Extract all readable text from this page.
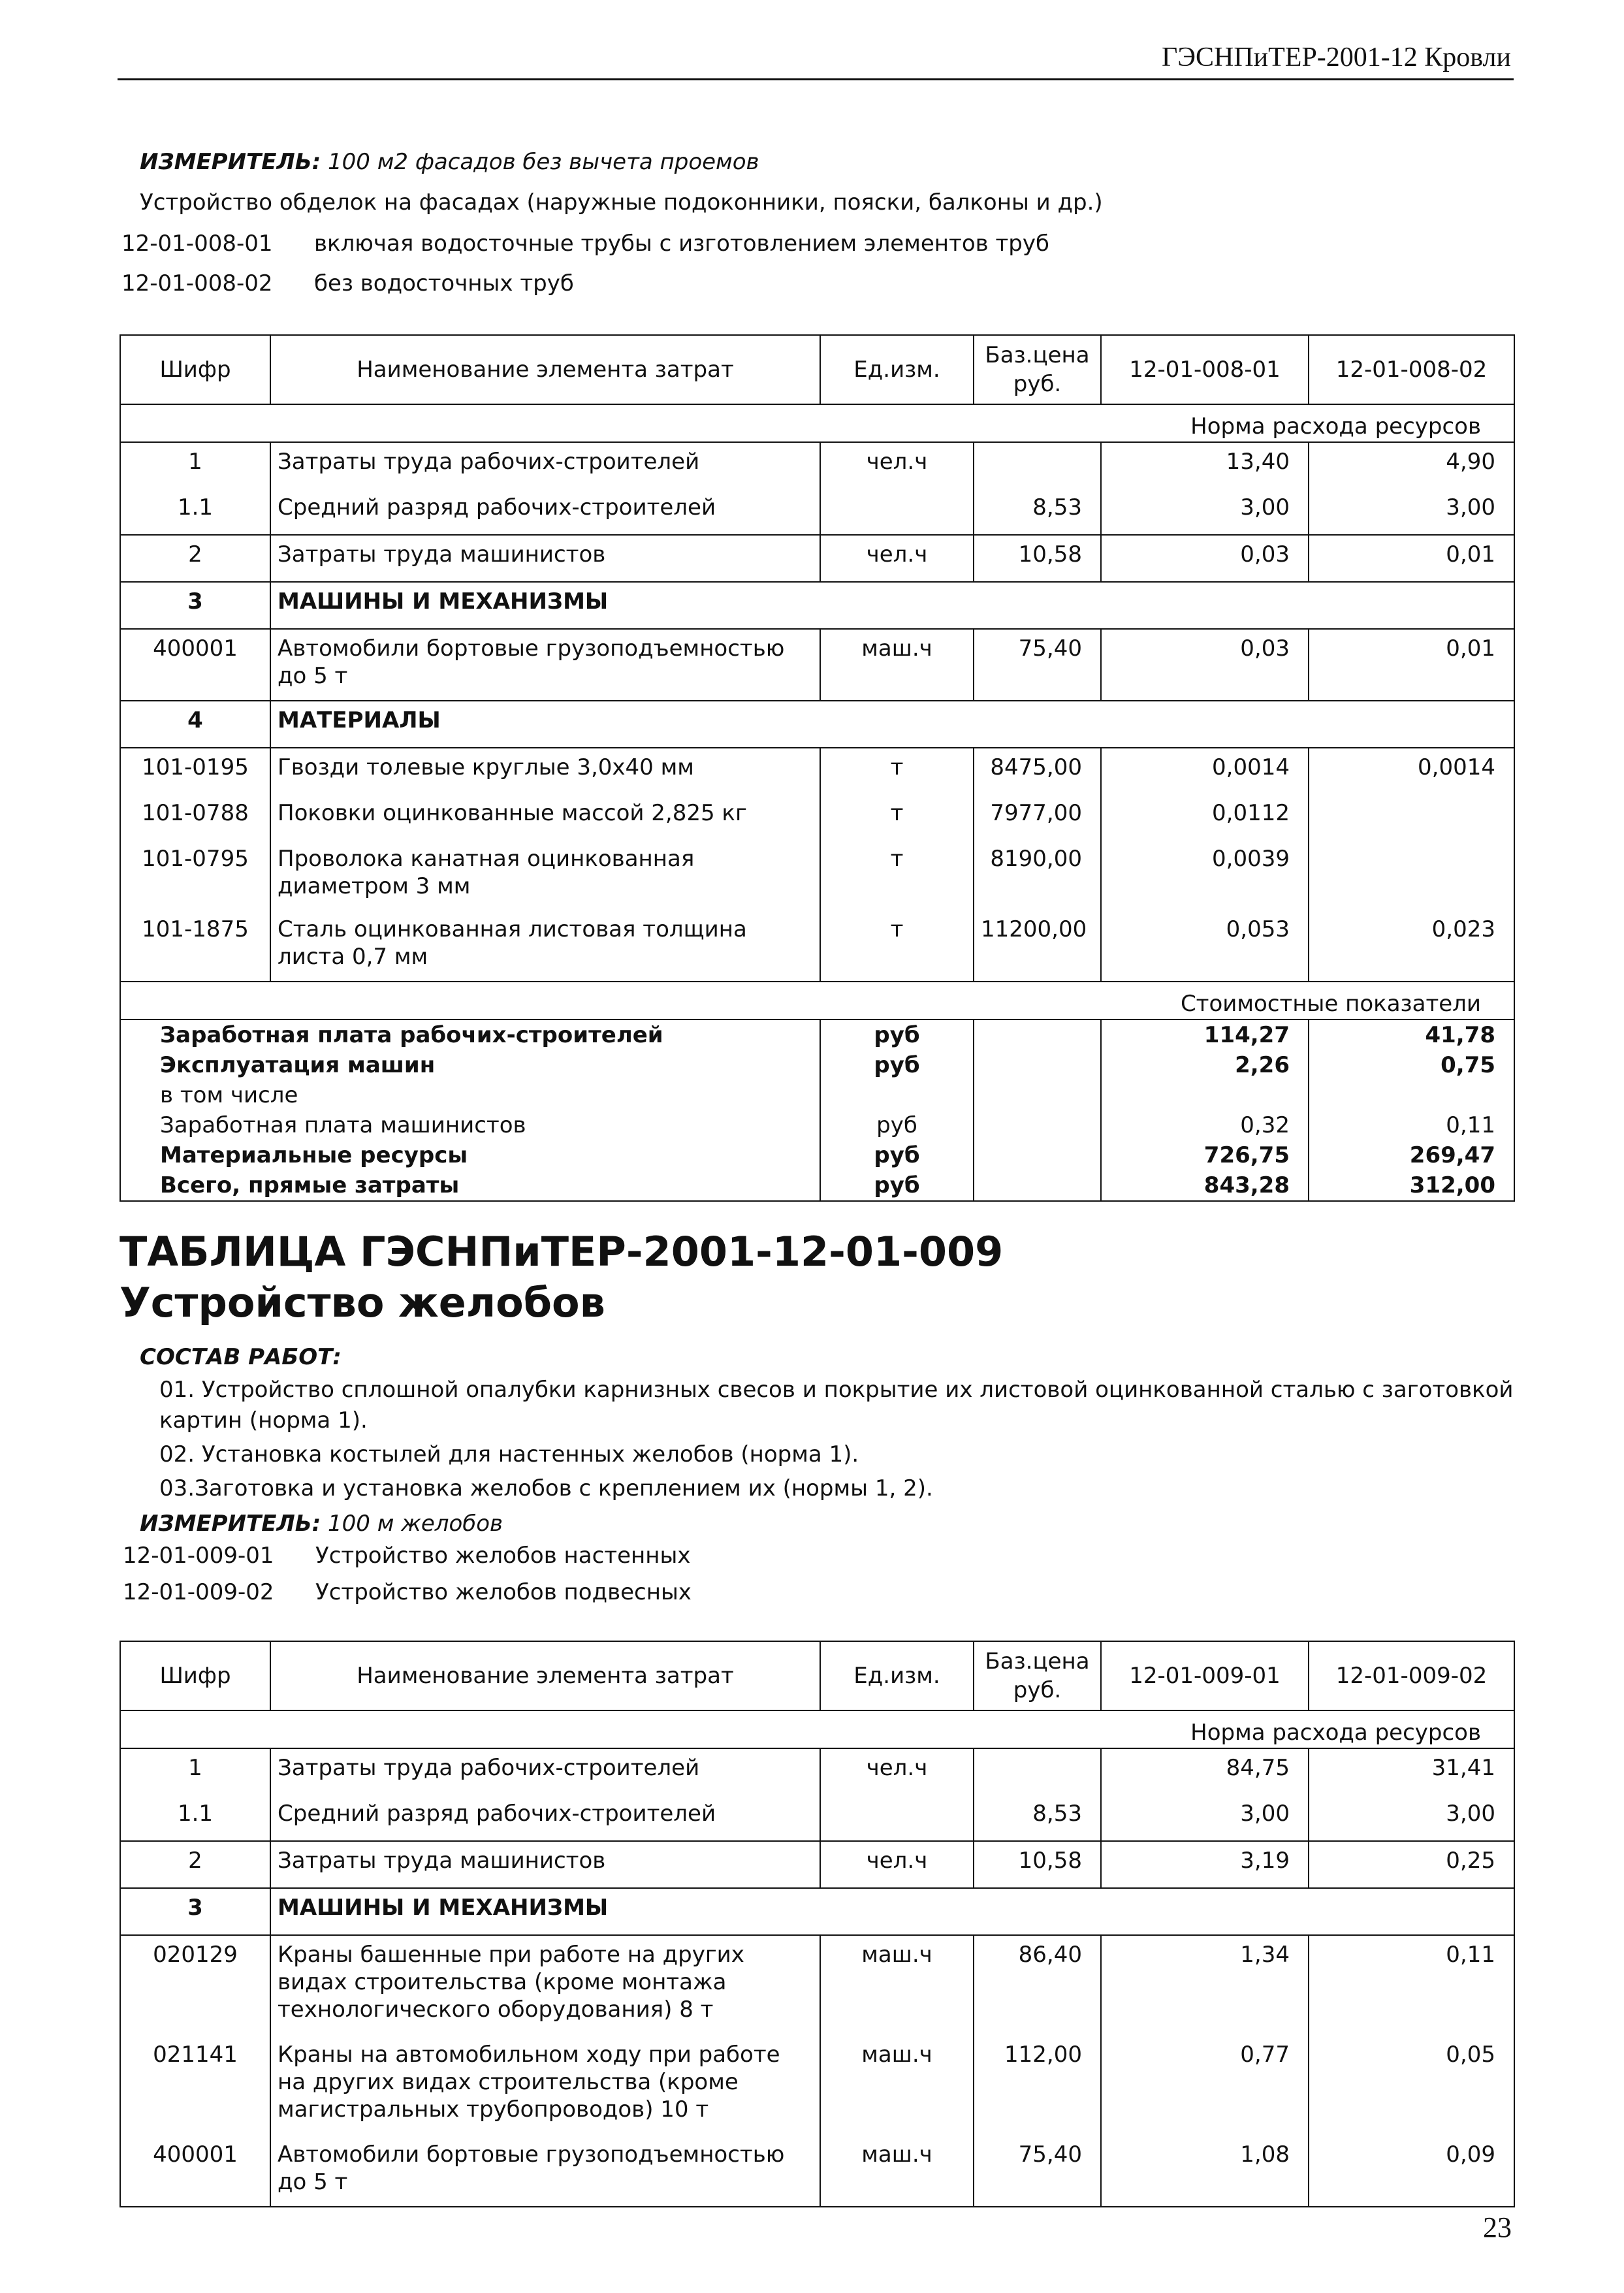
ГЭСНПиТЕР-2001-12 Кровли
ИЗМЕРИТЕЛЬ: 100 м2 фасадов без вычета проемов
Устройство обделок на фасадах (наружные подоконники, пояски, балконы и др.)
12-01-008-01 включая водосточные трубы с изготовлением элементов труб
12-01-008-02 без водосточных труб
Шифр	Наименование элемента затрат	Ед.изм.	Баз.цена руб.	12-01-008-01	12-01-008-02
Норма расхода ресурсов					
1	Затраты труда рабочих-строителей	чел.ч		13,40	4,90
1.1	Средний разряд рабочих-строителей		8,53	3,00	3,00
2	Затраты труда машинистов	чел.ч	10,58	0,03	0,01
3	МАШИНЫ И МЕХАНИЗМЫ				
400001	Автомобили бортовые грузоподъемностью до 5 т	маш.ч	75,40	0,03	0,01
4	МАТЕРИАЛЫ				
101-0195	Гвозди толевые круглые 3,0х40 мм	т	8475,00	0,0014	0,0014
101-0788	Поковки оцинкованные массой 2,825 кг	т	7977,00	0,0112	
101-0795	Проволока канатная оцинкованная диаметром 3 мм	т	8190,00	0,0039	
101-1875	Сталь оцинкованная листовая толщина листа 0,7 мм	т	11200,00	0,053	0,023
Стоимостные показатели					
Заработная плата рабочих-строителей		руб		114,27	41,78
Эксплуатация машин		руб		2,26	0,75
в том числе					
Заработная плата машинистов		руб		0,32	0,11
Материальные ресурсы		руб		726,75	269,47
Всего, прямые затраты		руб		843,28	312,00
ТАБЛИЦА ГЭСНПиТЕР-2001-12-01-009
Устройство желобов
СОСТАВ РАБОТ:
01. Устройство сплошной опалубки карнизных свесов и покрытие их листовой оцинкованной сталью с заготовкой
картин (норма 1).
02. Установка костылей для настенных желобов (норма 1).
03.Заготовка и установка желобов с креплением их (нормы 1, 2).
ИЗМЕРИТЕЛЬ: 100 м желобов
12-01-009-01 Устройство желобов настенных
12-01-009-02 Устройство желобов подвесных
Шифр	Наименование элемента затрат	Ед.изм.	Баз.цена руб.	12-01-009-01	12-01-009-02
Норма расхода ресурсов					
1	Затраты труда рабочих-строителей	чел.ч		84,75	31,41
1.1	Средний разряд рабочих-строителей		8,53	3,00	3,00
2	Затраты труда машинистов	чел.ч	10,58	3,19	0,25
3	МАШИНЫ И МЕХАНИЗМЫ				
020129	Краны башенные при работе на других видах строительства (кроме монтажа технологического оборудования) 8 т	маш.ч	86,40	1,34	0,11
021141	Краны на автомобильном ходу при работе на других видах строительства (кроме магистральных трубопроводов) 10 т	маш.ч	112,00	0,77	0,05
400001	Автомобили бортовые грузоподъемностью до 5 т	маш.ч	75,40	1,08	0,09
23
